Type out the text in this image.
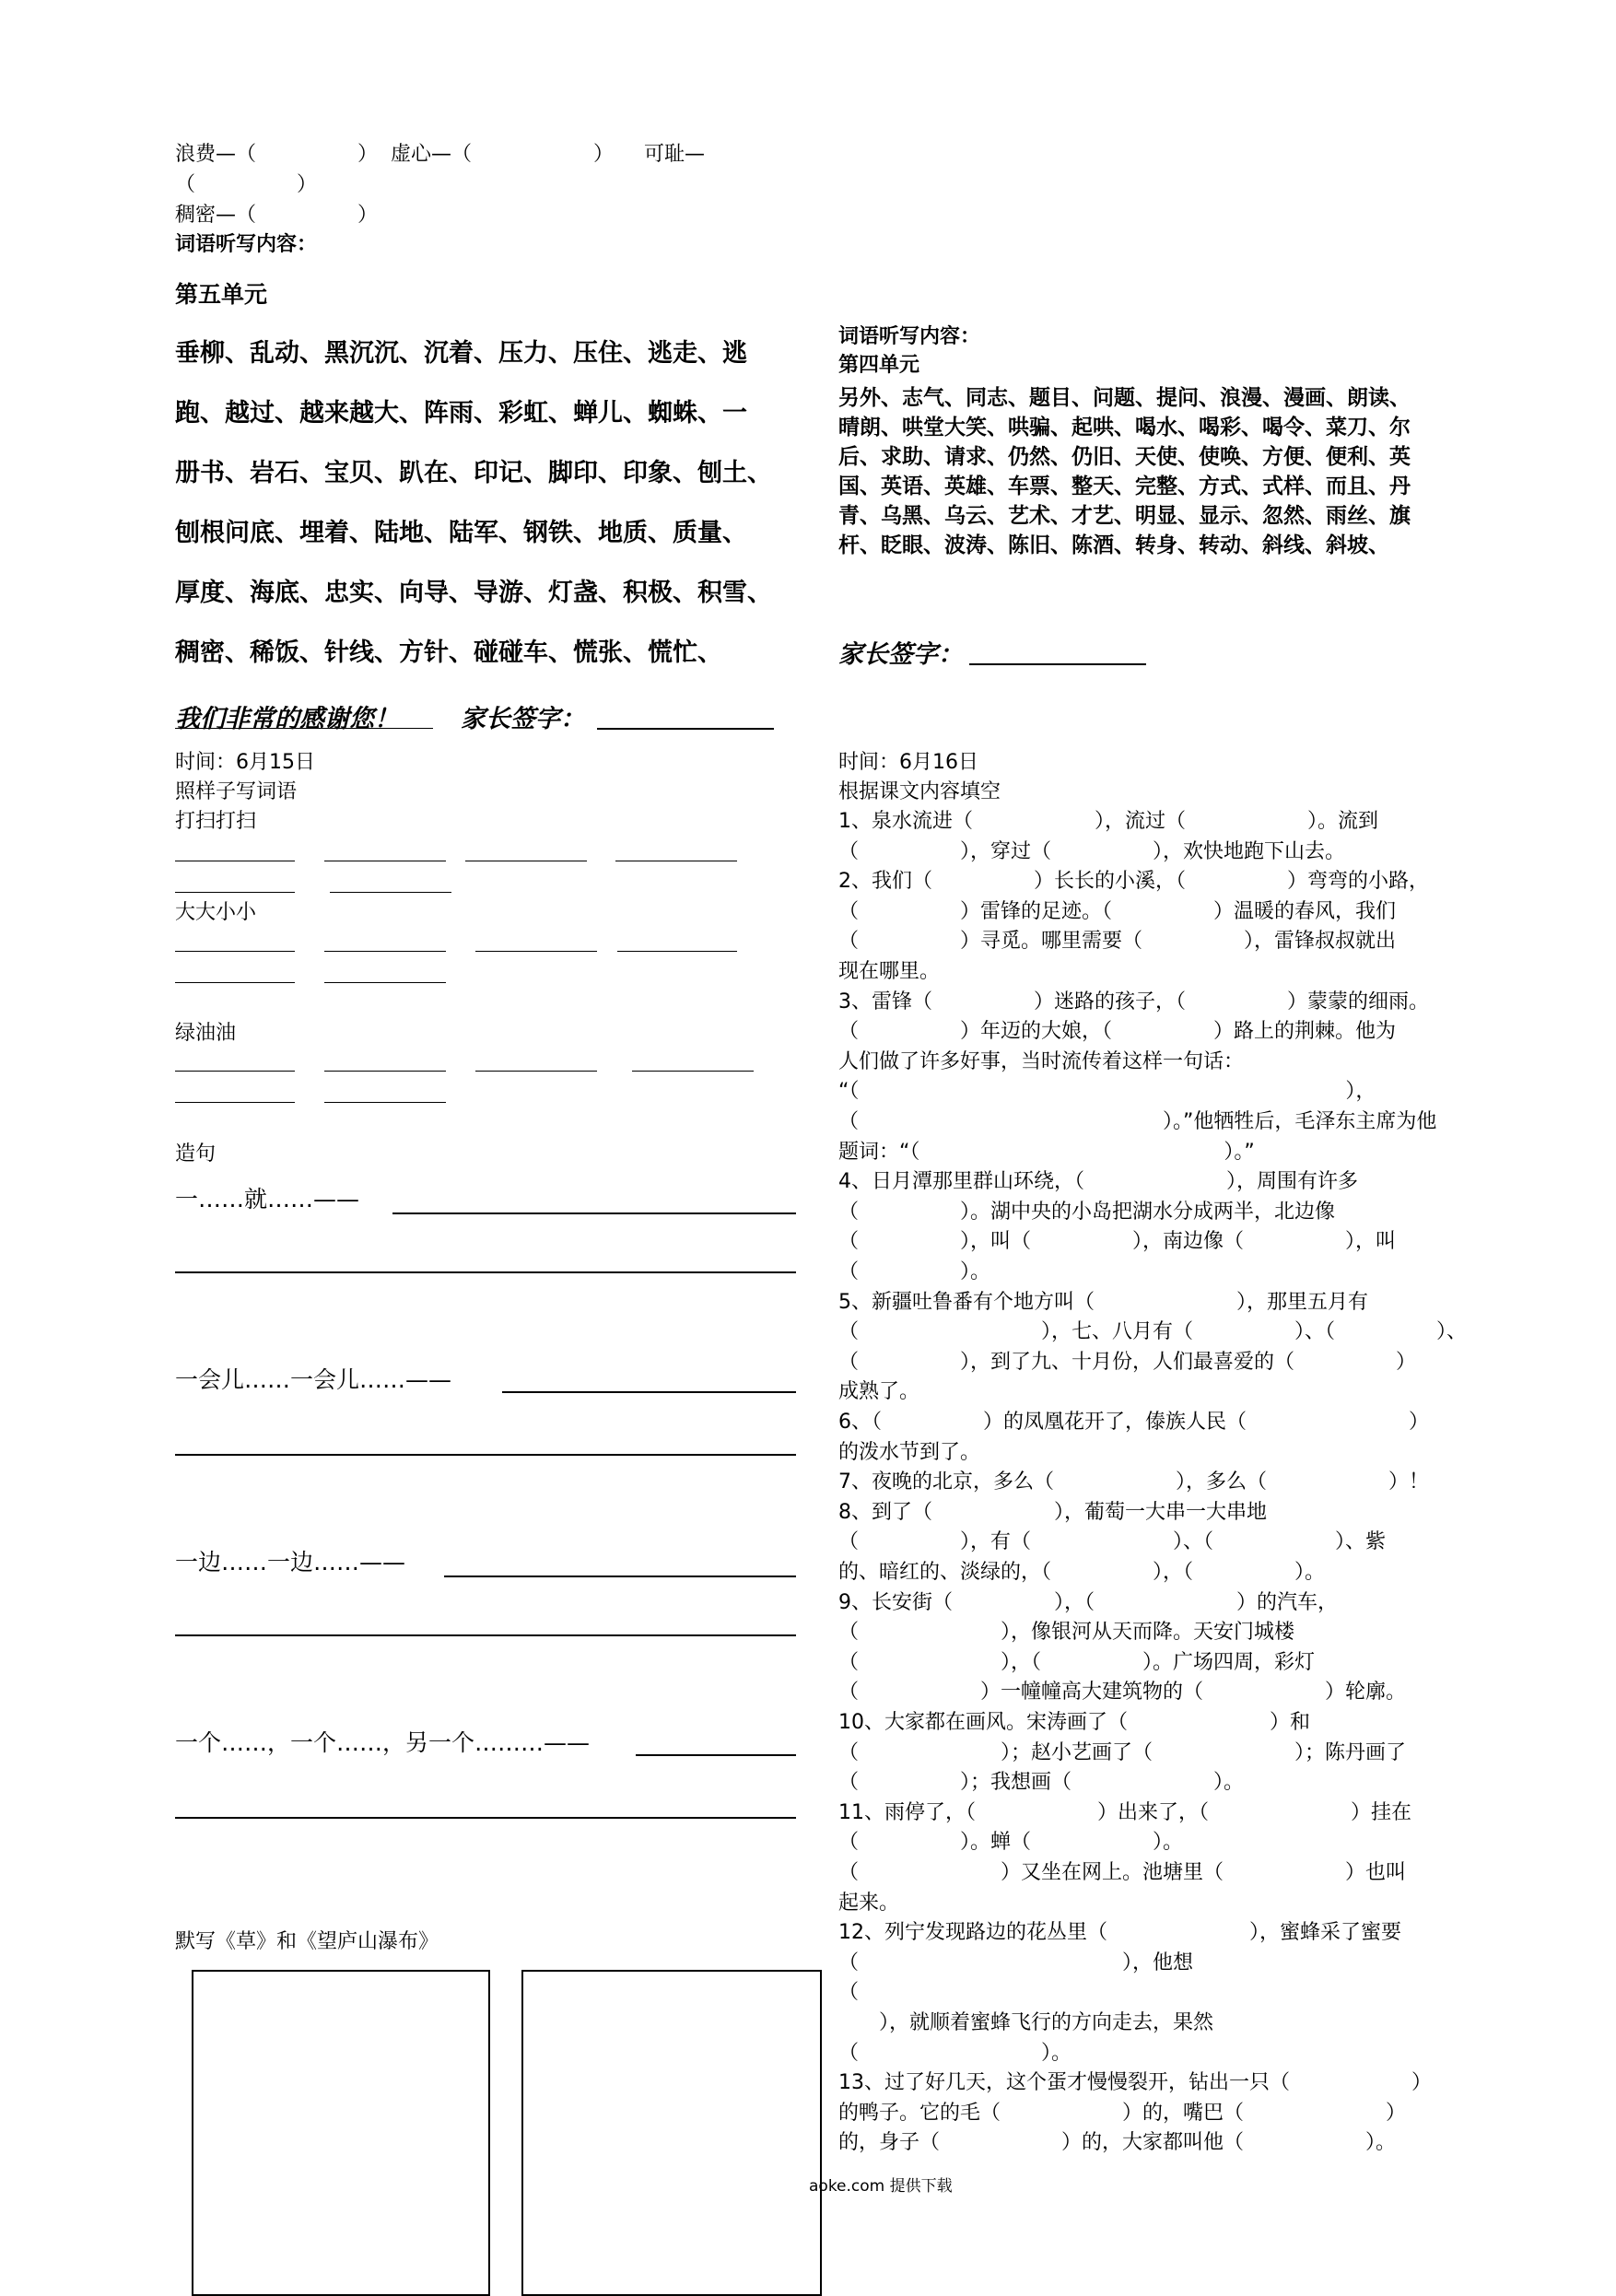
浪费—（　　　　　）  虚心—（　　　　　　）　　可耻—
（　　　　　）
稠密—（　　　　　）
词语听写内容：
第五单元
垂柳、乱动、黑沉沉、沉着、压力、压住、逃走、逃
跑、越过、越来越大、阵雨、彩虹、蝉儿、蜘蛛、一
册书、岩石、宝贝、趴在、印记、脚印、印象、刨土、
刨根问底、埋着、陆地、陆军、钢铁、地质、质量、
厚度、海底、忠实、向导、导游、灯盏、积极、积雪、
稠密、稀饭、针线、方针、碰碰车、慌张、慌忙、
我们非常的感谢您！ 家长签字：
时间：6月15日
照样子写词语
打扫打扫
大大小小
绿油油
造句
一……就……——
一会儿……一会儿……——
一边……一边……——
一个……，一个……，另一个………——
默写《草》和《望庐山瀑布》
词语听写内容：
第四单元
另外、志气、同志、题目、问题、提问、浪漫、漫画、朗读、
晴朗、哄堂大笑、哄骗、起哄、喝水、喝彩、喝令、菜刀、尔
后、求助、请求、仍然、仍旧、天使、使唤、方便、便利、英
国、英语、英雄、车票、整天、完整、方式、式样、而且、丹
青、乌黑、乌云、艺术、才艺、明显、显示、忽然、雨丝、旗
杆、眨眼、波涛、陈旧、陈酒、转身、转动、斜线、斜坡、
家长签字：
时间：6月16日
根据课文内容填空
1、泉水流进（　　　　　　），流过（　　　　　　）。流到
（　　　　　），穿过（　　　　　），欢快地跑下山去。
2、我们（　　　　　）长长的小溪，（　　　　　）弯弯的小路，
（　　　　　）雷锋的足迹。（　　　　　）温暖的春风，我们
（　　　　　）寻觅。哪里需要（　　　　　），雷锋叔叔就出
现在哪里。
3、雷锋（　　　　　）迷路的孩子，（　　　　　）蒙蒙的细雨。
（　　　　　）年迈的大娘，（　　　　　）路上的荆棘。他为
人们做了许多好事，当时流传着这样一句话：
“（　　　　　　　　　　　　　　　　　　　　　　　　），
（　　　　　　　　　　　　　　　）。”他牺牲后，毛泽东主席为他
题词：“（　　　　　　　　　　　　　　　）。”
4、日月潭那里群山环绕，（　　　　　　　），周围有许多
（　　　　　）。湖中央的小岛把湖水分成两半，北边像
（　　　　　），叫（　　　　　），南边像（　　　　　），叫
（　　　　　）。
5、新疆吐鲁番有个地方叫（　　　　　　　），那里五月有
（　　　　　　　　　），七、八月有（　　　　　）、（　　　　　）、
（　　　　　），到了九、十月份，人们最喜爱的（　　　　　）
成熟了。
6、（　　　　　）的凤凰花开了，傣族人民（　　　　　　　　）
的泼水节到了。
7、夜晚的北京，多么（　　　　　　），多么（　　　　　　）！
8、到了（　　　　　　），葡萄一大串一大串地
（　　　　　），有（　　　　　　　）、（　　　　　　）、紫
的、暗红的、淡绿的，（　　　　　），（　　　　　）。
9、长安街（　　　　　），（　　　　　　　）的汽车，
（　　　　　　　），像银河从天而降。天安门城楼
（　　　　　　　），（　　　　　）。广场四周，彩灯
（　　　　　　）一幢幢高大建筑物的（　　　　　　）轮廓。
10、大家都在画风。宋涛画了（　　　　　　　）和
（　　　　　　　）；赵小艺画了（　　　　　　　）；陈丹画了
（　　　　　）；我想画（　　　　　　　）。
11、雨停了，（　　　　　　）出来了，（　　　　　　　）挂在
（　　　　　）。蝉（　　　　　　）。
（　　　　　　　）又坐在网上。池塘里（　　　　　　）也叫
起来。
12、列宁发现路边的花丛里（　　　　　　　），蜜蜂采了蜜要
（　　　　　　　　　　　　　），他想
（
　　），就顺着蜜蜂飞行的方向走去，果然
（　　　　　　　　　）。
13、过了好几天，这个蛋才慢慢裂开，钻出一只（　　　　　　）
的鸭子。它的毛（　　　　　　）的，嘴巴（　　　　　　　）
的，身子（　　　　　　）的，大家都叫他（　　　　　　）。
aoke.com 提供下载
